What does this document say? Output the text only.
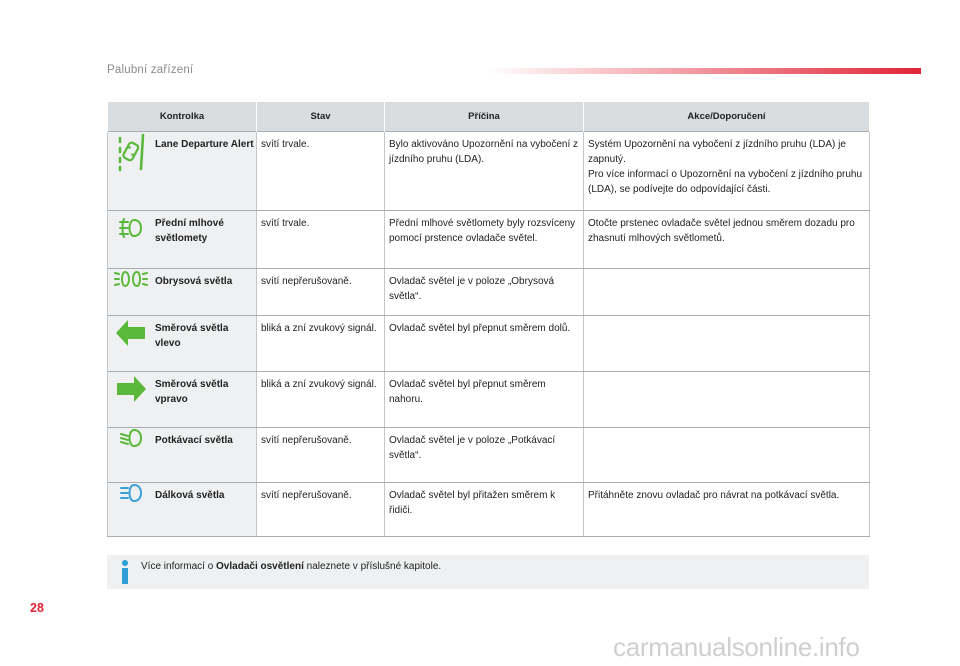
Palubní zařízení
Kontrolka	Stav	Příčina	Akce/Doporučení

Lane Departure Alert	svítí trvale.	Bylo aktivováno Upozornění na vybočení z jízdního pruhu (LDA).	Systém Upozornění na vybočení z jízdního pruhu (LDA) je zapnutý.
Pro více informací o Upozornění na vybočení z jízdního pruhu (LDA), se podívejte do odpovídající části.

Přední mlhové světlomety	svítí trvale.	Přední mlhové světlomety byly rozsvíceny pomocí prstence ovladače světel.	Otočte prstenec ovladače světel jednou směrem dozadu pro zhasnutí mlhových světlometů.

Obrysová světla	svítí nepřerušovaně.	Ovladač světel je v poloze „Obrysová světla“.	

Směrová světla vlevo	bliká a zní zvukový signál.	Ovladač světel byl přepnut směrem dolů.	

Směrová světla vpravo	bliká a zní zvukový signál.	Ovladač světel byl přepnut směrem nahoru.	

Potkávací světla	svítí nepřerušovaně.	Ovladač světel je v poloze „Potkávací světla“.	

Dálková světla	svítí nepřerušovaně.	Ovladač světel byl přitažen směrem k řidiči.	Přitáhněte znovu ovladač pro návrat na potkávací světla.
Více informací o Ovladači osvětlení naleznete v příslušné kapitole.
28
carmanualsonline.info
